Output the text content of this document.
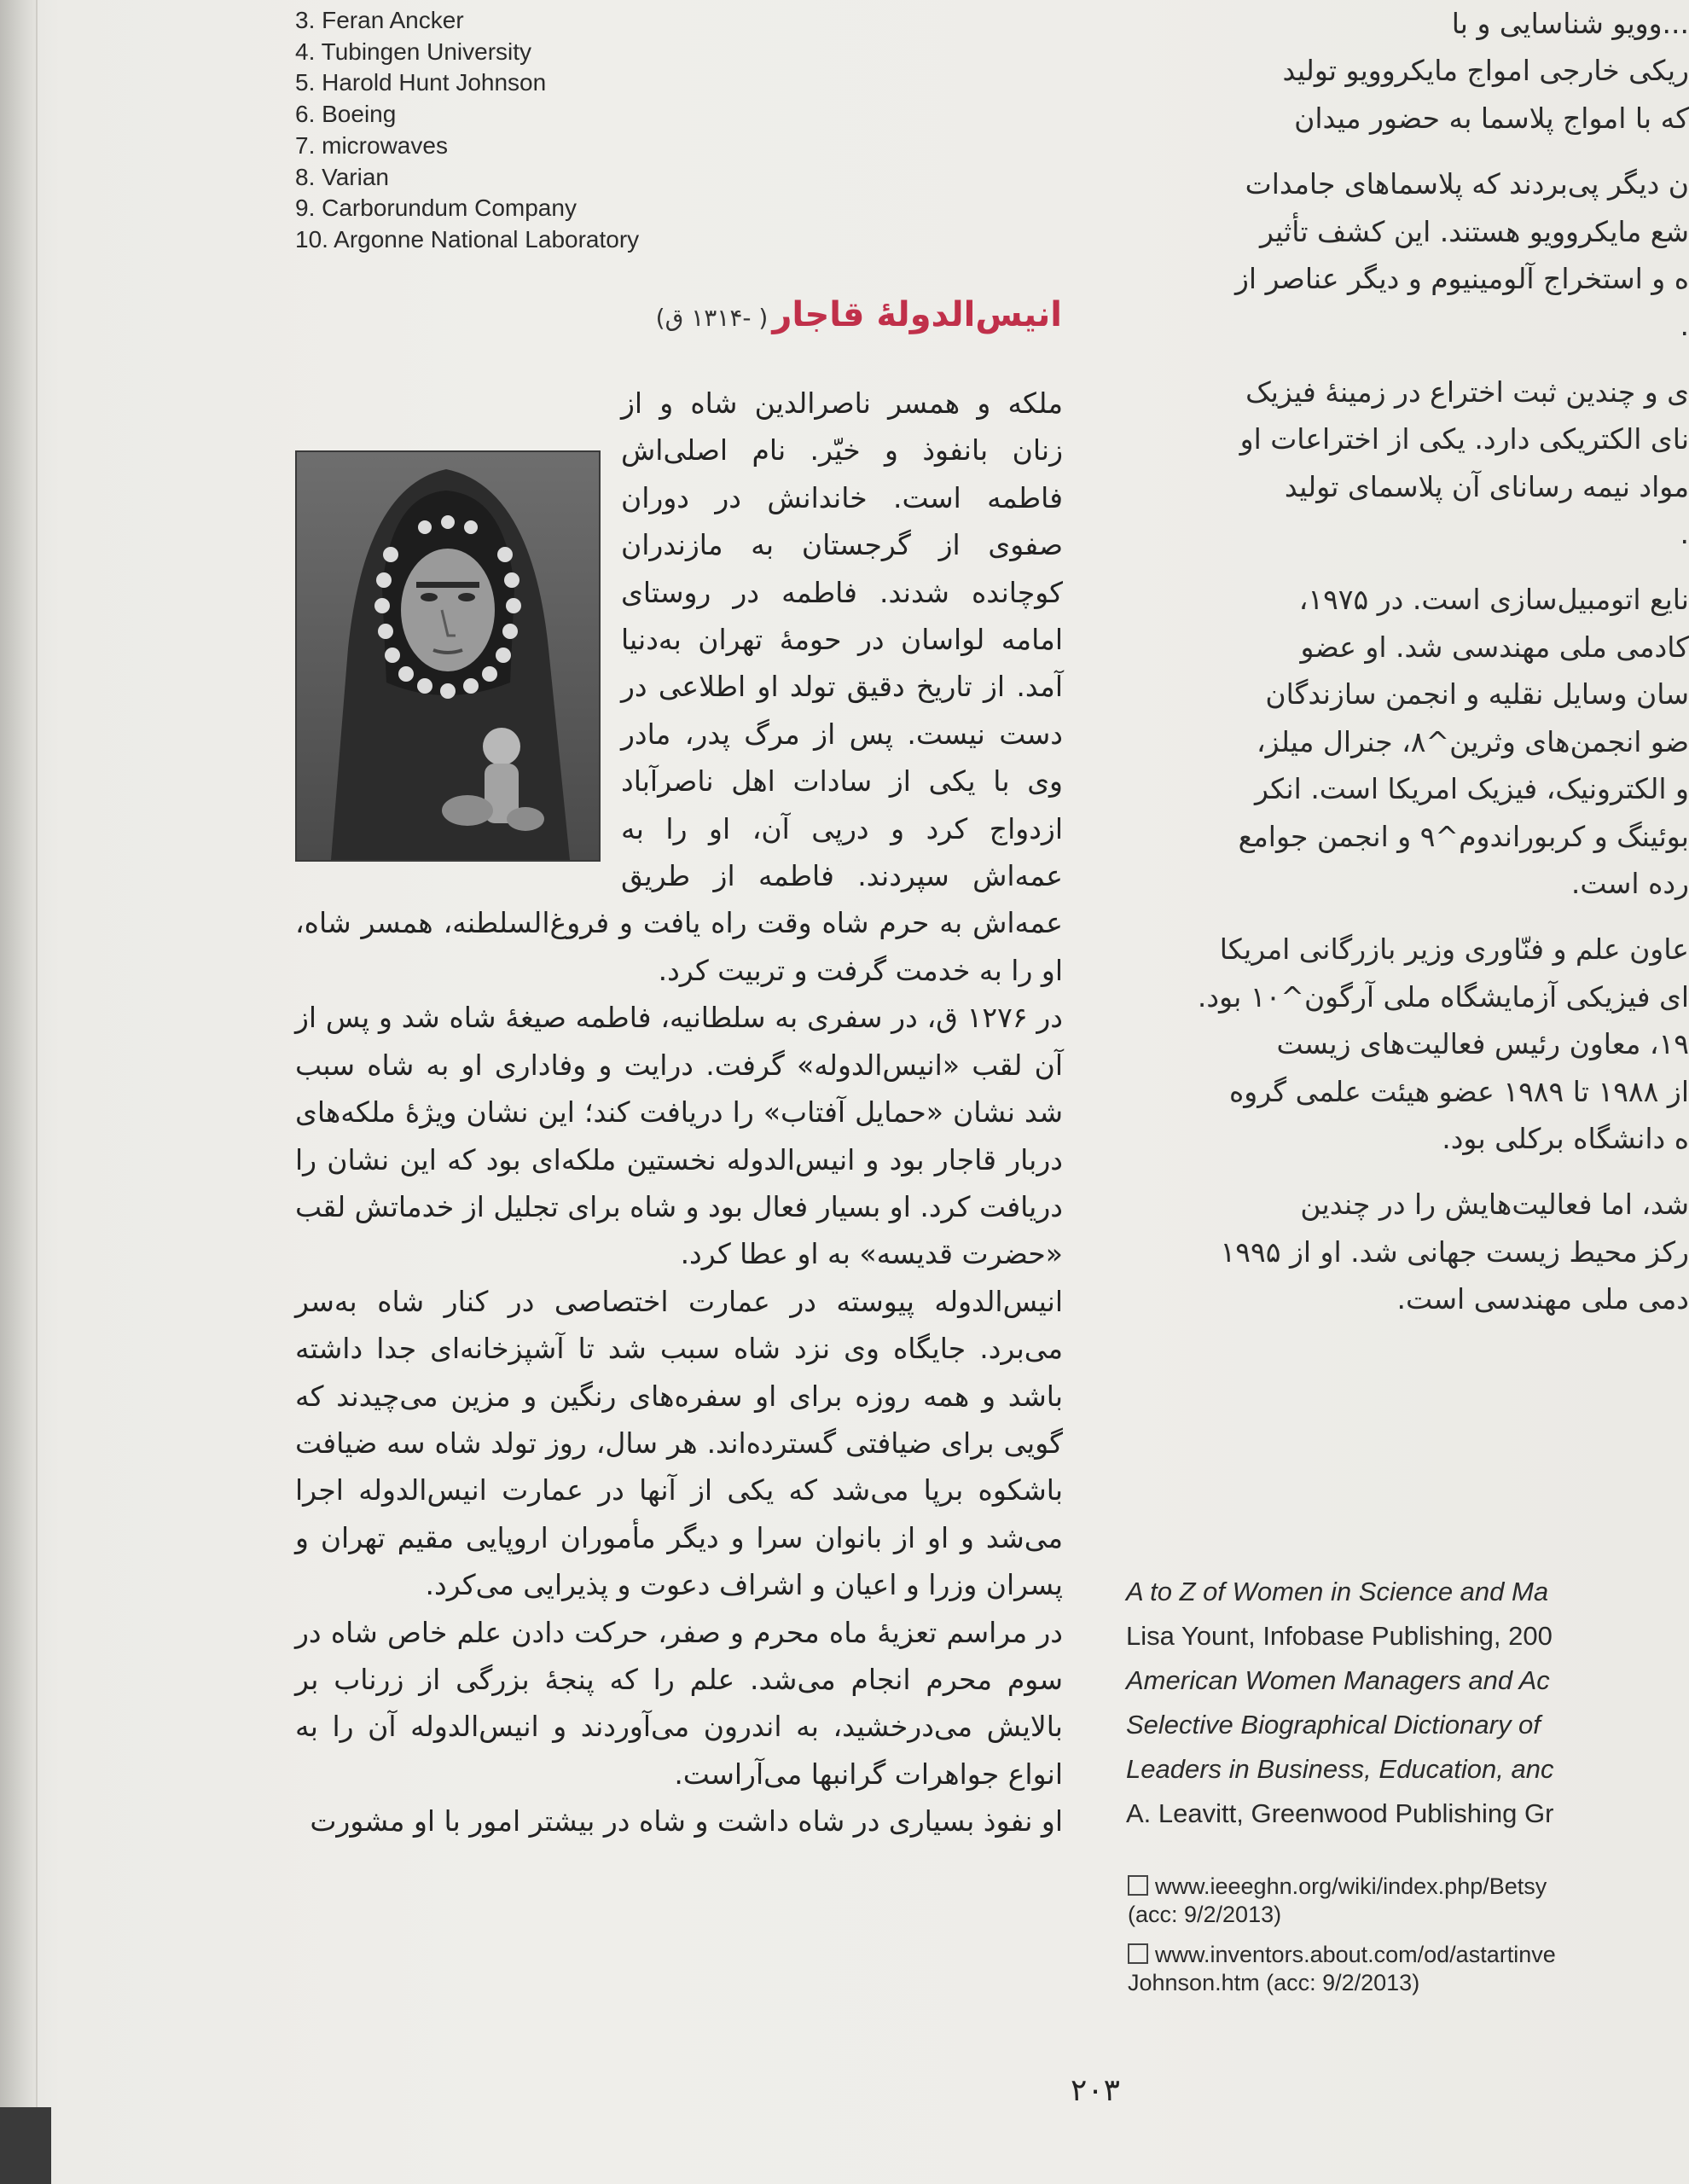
3. Feran Ancker
4. Tubingen University
5. Harold Hunt Johnson
6. Boeing
7. microwaves
8. Varian
9. Carborundum Company
10. Argonne National Laboratory
انیس‌الدولهٔ قاجار ( -۱۳۱۴ ق)

ملکه و همسر ناصرالدین شاه و از زنان بانفوذ و خیّر. نام اصلی‌اش فاطمه است. خاندانش در دوران صفوی از گرجستان به مازندران کوچانده شدند. فاطمه در روستای امامه لواسان در حومهٔ تهران به‌دنیا آمد. از تاریخ دقیق تولد او اطلاعی در دست نیست. پس از مرگ پدر، مادر وی با یکی از سادات اهل ناصرآباد ازدواج کرد و درپی آن، او را به عمه‌اش سپردند. فاطمه از طریق عمه‌اش به حرم شاه وقت راه یافت و فروغ‌السلطنه، همسر شاه، او را به خدمت گرفت و تربیت کرد.

در ۱۲۷۶ ق، در سفری به سلطانیه، فاطمه صیغهٔ شاه شد و پس از آن لقب «انیس‌الدوله» گرفت. درایت و وفاداری او به شاه سبب شد نشان «حمایل آفتاب» را دریافت کند؛ این نشان ویژهٔ ملکه‌های دربار قاجار بود و انیس‌الدوله نخستین ملکه‌ای بود که این نشان را دریافت کرد. او بسیار فعال بود و شاه برای تجلیل از خدماتش لقب «حضرت قدیسه» به او عطا کرد.

انیس‌الدوله پیوسته در عمارت اختصاصی در کنار شاه به‌سر می‌برد. جایگاه وی نزد شاه سبب شد تا آشپزخانه‌ای جدا داشته باشد و همه روزه برای او سفره‌های رنگین و مزین می‌چیدند که گویی برای ضیافتی گسترده‌اند. هر سال، روز تولد شاه سه ضیافت باشکوه برپا می‌شد که یکی از آنها در عمارت انیس‌الدوله اجرا می‌شد و او از بانوان سرا و دیگر مأموران اروپایی مقیم تهران و پسران وزرا و اعیان و اشراف دعوت و پذیرایی می‌کرد.

در مراسم تعزیهٔ ماه محرم و صفر، حرکت دادن علم خاص شاه در سوم محرم انجام می‌شد. علم را که پنجهٔ بزرگی از زرناب بر بالایش می‌درخشید، به اندرون می‌آوردند و انیس‌الدوله آن را به انواع جواهرات گرانبها می‌آراست.

او نفوذ بسیاری در شاه داشت و شاه در بیشتر امور با او مشورت

...وویو شناسایی و با
ریکی خارجی امواج مایکروویو تولید
که با امواج پلاسما به حضور میدان

ن دیگر پی‌بردند که پلاسماهای جامدات
شع مایکروویو هستند. این کشف تأثیر
ه و استخراج آلومینیوم و دیگر عناصر از
.

ی و چندین ثبت اختراع در زمینهٔ فیزیک
نای الکتریکی دارد. یکی از اختراعات او
مواد نیمه رسانای آن پلاسمای تولید
.

نایع اتومبیل‌سازی است. در ۱۹۷۵،
کادمی ملی مهندسی شد. او عضو
سان وسایل نقلیه و انجمن سازندگان
ضو انجمن‌های وثرین^۸، جنرال میلز،
و الکترونیک، فیزیک امریکا است. انکر
بوئینگ و کربوراندوم^۹ و انجمن جوامع
رده است.

عاون علم و فنّاوری وزیر بازرگانی امریکا
ای فیزیکی آزمایشگاه ملی آرگون^۱۰ بود.
۱۹، معاون رئیس فعالیت‌های زیست
از ۱۹۸۸ تا ۱۹۸۹ عضو هیئت علمی گروه
ه دانشگاه برکلی بود.

شد، اما فعالیت‌هایش را در چندین
رکز محیط زیست جهانی شد. او از ۱۹۹۵
دمی ملی مهندسی است.

A to Z of Women in Science and Ma

Lisa Yount, Infobase Publishing, 200

American Women Managers and Ac

Selective Biographical Dictionary of

Leaders in Business, Education, anc

A. Leavitt, Greenwood Publishing Gr

www.ieeeghn.org/wiki/index.php/Betsy
(acc: 9/2/2013)
www.inventors.about.com/od/astartinve
Johnson.htm (acc: 9/2/2013)
۲۰۳
